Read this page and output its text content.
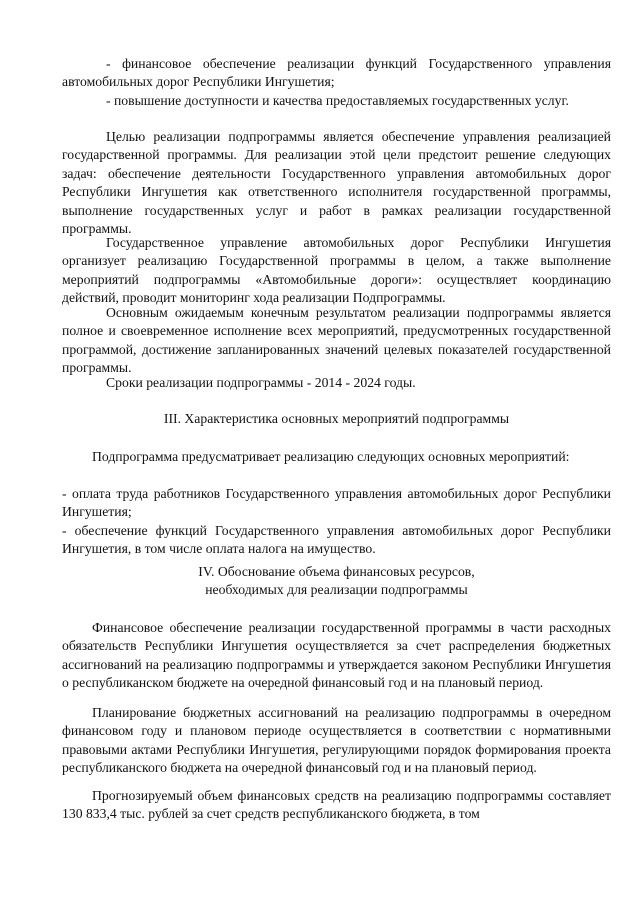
- финансовое обеспечение реализации функций Государственного управления автомобильных дорог Республики Ингушетия;

- повышение доступности и качества предоставляемых государственных услуг.

Целью реализации подпрограммы является обеспечение управления реализацией государственной программы. Для реализации этой цели предстоит решение следующих задач: обеспечение деятельности Государственного управления автомобильных дорог Республики Ингушетия как ответственного исполнителя государственной программы, выполнение государственных услуг и работ в рамках реализации государственной программы.

Государственное управление автомобильных дорог Республики Ингушетия организует реализацию Государственной программы в целом, а также выполнение мероприятий подпрограммы «Автомобильные дороги»: осуществляет координацию действий, проводит мониторинг хода реализации Подпрограммы.

Основным ожидаемым конечным результатом реализации подпрограммы является полное и своевременное исполнение всех мероприятий, предусмотренных государственной программой, достижение запланированных значений целевых показателей государственной программы.

Сроки реализации подпрограммы - 2014 - 2024 годы.

III. Характеристика основных мероприятий подпрограммы

Подпрограмма предусматривает реализацию следующих основных мероприятий:

- оплата труда работников Государственного управления автомобильных дорог Республики Ингушетия;

- обеспечение функций Государственного управления автомобильных дорог Республики Ингушетия, в том числе оплата налога на имущество.

IV. Обоснование объема финансовых ресурсов,

необходимых для реализации подпрограммы

Финансовое обеспечение реализации государственной программы в части расходных обязательств Республики Ингушетия осуществляется за счет распределения бюджетных ассигнований на реализацию подпрограммы и утверждается законом Республики Ингушетия о республиканском бюджете на очередной финансовый год и на плановый период.

Планирование бюджетных ассигнований на реализацию подпрограммы в очередном финансовом году и плановом периоде осуществляется в соответствии с нормативными правовыми актами Республики Ингушетия, регулирующими порядок формирования проекта республиканского бюджета на очередной финансовый год и на плановый период.

Прогнозируемый объем финансовых средств на реализацию подпрограммы составляет 130 833,4 тыс. рублей за счет средств республиканского бюджета, в том
